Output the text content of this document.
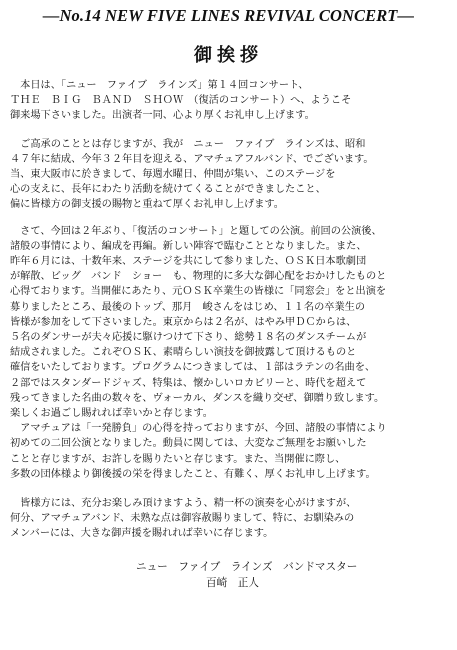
—No.14 NEW FIVE LINES REVIVAL CONCERT—
御挨拶
　本日は、「ニュー　ファイブ　ラインズ」第１４回コンサート、
ＴＨＥ　ＢＩＧ　ＢＡＮＤ　ＳＨＯＷ　（復活のコンサート）へ、ようこそ
御来場下さいました。出演者一同、心より厚くお礼申し上げます。
　ご高承のこととは存じますが、我が　ニュー　ファイブ　ラインズは、昭和
４７年に結成、今年３２年目を迎える、アマチュアフルバンド、でございます。
当、東大阪市に於きまして、毎週水曜日、仲間が集い、このステージを
心の支えに、長年にわたり活動を続けてくることができましたこと、
偏に皆様方の御支援の賜物と重ねて厚くお礼申し上げます。
　さて、今回は２年ぶり、「復活のコンサート」と題しての公演。前回の公演後、
諸般の事情により、編成を再編。新しい陣容で臨むこととなりました。また、
昨年６月には、十数年来、ステージを共にして参りました、ＯＳＫ日本歌劇団
が解散、ビッグ　バンド　ショー　も、物理的に多大な御心配をおかけしたものと
心得ております。当開催にあたり、元ＯＳＫ卒業生の皆様に「同窓会」をと出演を
募りましたところ、最後のトップ、那月　峻さんをはじめ、１１名の卒業生の
皆様が参加をして下さいました。東京からは２名が、はやみ甲ＤＣからは、
５名のダンサーが夫々応援に駆けつけて下さり、総勢１８名のダンスチームが
結成されました。これぞＯＳＫ、素晴らしい演技を御披露して頂けるものと
確信をいたしております。プログラムにつきましては、１部はラテンの名曲を、
２部ではスタンダードジャズ、特集は、懐かしいロカビリーと、時代を超えて
残ってきました名曲の数々を、ヴォーカル、ダンスを織り交ぜ、御贈り致します。
楽しくお過ごし賜れれば幸いかと存じます。
　アマチュアは「一発勝負」の心得を持っておりますが、今回、諸般の事情により
初めての二回公演となりました。動員に関しては、大変なご無理をお願いした
ことと存じますが、お許しを賜りたいと存じます。また、当開催に際し、
多数の団体様より御後援の栄を得ましたこと、有難く、厚くお礼申し上げます。
　皆様方には、充分お楽しみ頂けますよう、精一杯の演奏を心がけますが、
何分、アマチュアバンド、未熟な点は御容赦賜りまして、特に、お馴染みの
メンバーには、大きな御声援を賜れれば幸いに存じます。
ニュー　ファイブ　ラインズ　バンドマスター
百崎　正人
